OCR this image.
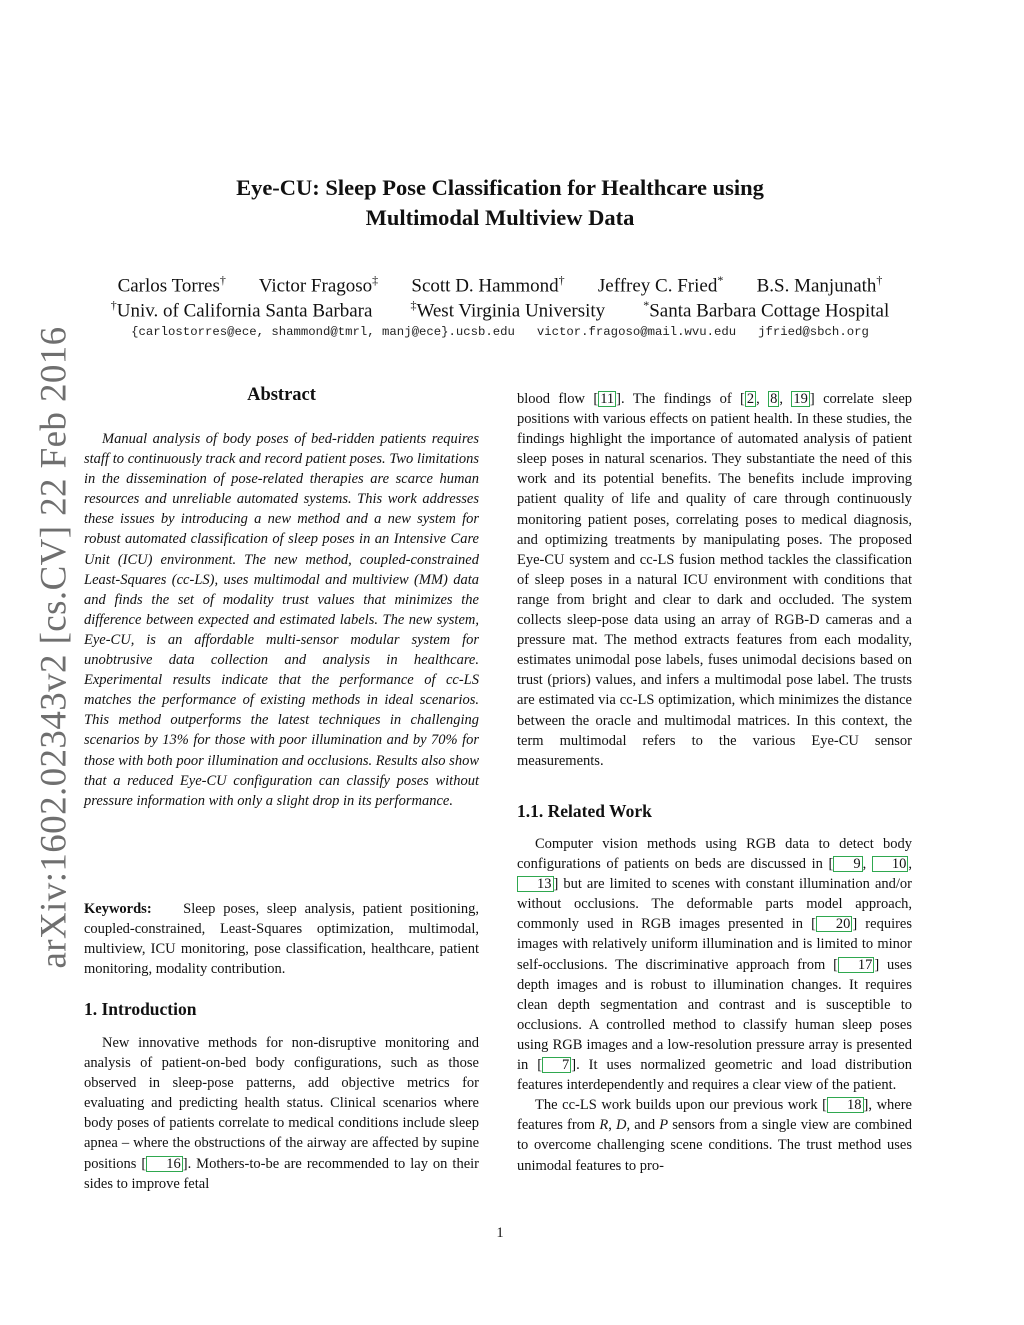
arXiv:1602.02343v2 [cs.CV] 22 Feb 2016
Eye-CU: Sleep Pose Classification for Healthcare using
Multimodal Multiview Data
Carlos Torres† Victor Fragoso‡ Scott D. Hammond† Jeffrey C. Fried* B.S. Manjunath†
†Univ. of California Santa Barbara	‡West Virginia University	*Santa Barbara Cottage Hospital
{carlostorres@ece, shammond@tmrl, manj@ece}.ucsb.edu victor.fragoso@mail.wvu.edu jfried@sbch.org
Abstract

Manual analysis of body poses of bed-ridden patients requires staff to continuously track and record patient poses. Two limitations in the dissemination of pose-related therapies are scarce human resources and unreliable automated systems. This work addresses these issues by introducing a new method and a new system for robust automated classification of sleep poses in an Intensive Care Unit (ICU) environment. The new method, coupled-constrained Least-Squares (cc-LS), uses multimodal and multiview (MM) data and finds the set of modality trust values that minimizes the difference between expected and estimated labels. The new system, Eye-CU, is an affordable multi-sensor modular system for unobtrusive data collection and analysis in healthcare. Experimental results indicate that the performance of cc-LS matches the performance of existing methods in ideal scenarios. This method outperforms the latest techniques in challenging scenarios by 13% for those with poor illumination and by 70% for those with both poor illumination and occlusions. Results also show that a reduced Eye-CU configuration can classify poses without pressure information with only a slight drop in its performance.

Keywords: Sleep poses, sleep analysis, patient positioning, coupled-constrained, Least-Squares optimization, multimodal, multiview, ICU monitoring, pose classification, healthcare, patient monitoring, modality contribution.

1. Introduction

New innovative methods for non-disruptive monitoring and analysis of patient-on-bed body configurations, such as those observed in sleep-pose patterns, add objective metrics for evaluating and predicting health status. Clinical scenarios where body poses of patients correlate to medical conditions include sleep apnea – where the obstructions of the airway are affected by supine positions [ 16 ]. Mothers-to-be are recommended to lay on their sides to improve fetal

blood flow [ 11 ]. The findings of [ 2 , 8 , 19 ] correlate sleep positions with various effects on patient health. In these studies, the findings highlight the importance of automated analysis of patient sleep poses in natural scenarios. They substantiate the need of this work and its potential benefits. The benefits include improving patient quality of life and quality of care through continuously monitoring patient poses, correlating poses to medical diagnosis, and optimizing treatments by manipulating poses. The proposed Eye-CU system and cc-LS fusion method tackles the classification of sleep poses in a natural ICU environment with conditions that range from bright and clear to dark and occluded. The system collects sleep-pose data using an array of RGB-D cameras and a pressure mat. The method extracts features from each modality, estimates unimodal pose labels, fuses unimodal decisions based on trust (priors) values, and infers a multimodal pose label. The trusts are estimated via cc-LS optimization, which minimizes the distance between the oracle and multimodal matrices. In this context, the term multimodal refers to the various Eye-CU sensor measurements.

1.1. Related Work

Computer vision methods using RGB data to detect body configurations of patients on beds are discussed in [ 9 , 10 , 13 ] but are limited to scenes with constant illumination and/or without occlusions. The deformable parts model approach, commonly used in RGB images presented in [ 20 ] requires images with relatively uniform illumination and is limited to minor self-occlusions. The discriminative approach from [ 17 ] uses depth images and is robust to illumination changes. It requires clean depth segmentation and contrast and is susceptible to occlusions. A controlled method to classify human sleep poses using RGB images and a low-resolution pressure array is presented in [ 7 ]. It uses normalized geometric and load distribution features interdependently and requires a clear view of the patient.

The cc-LS work builds upon our previous work [ 18 ], where features from R, D, and P sensors from a single view are combined to overcome challenging scene conditions. The trust method uses unimodal features to pro-

1
